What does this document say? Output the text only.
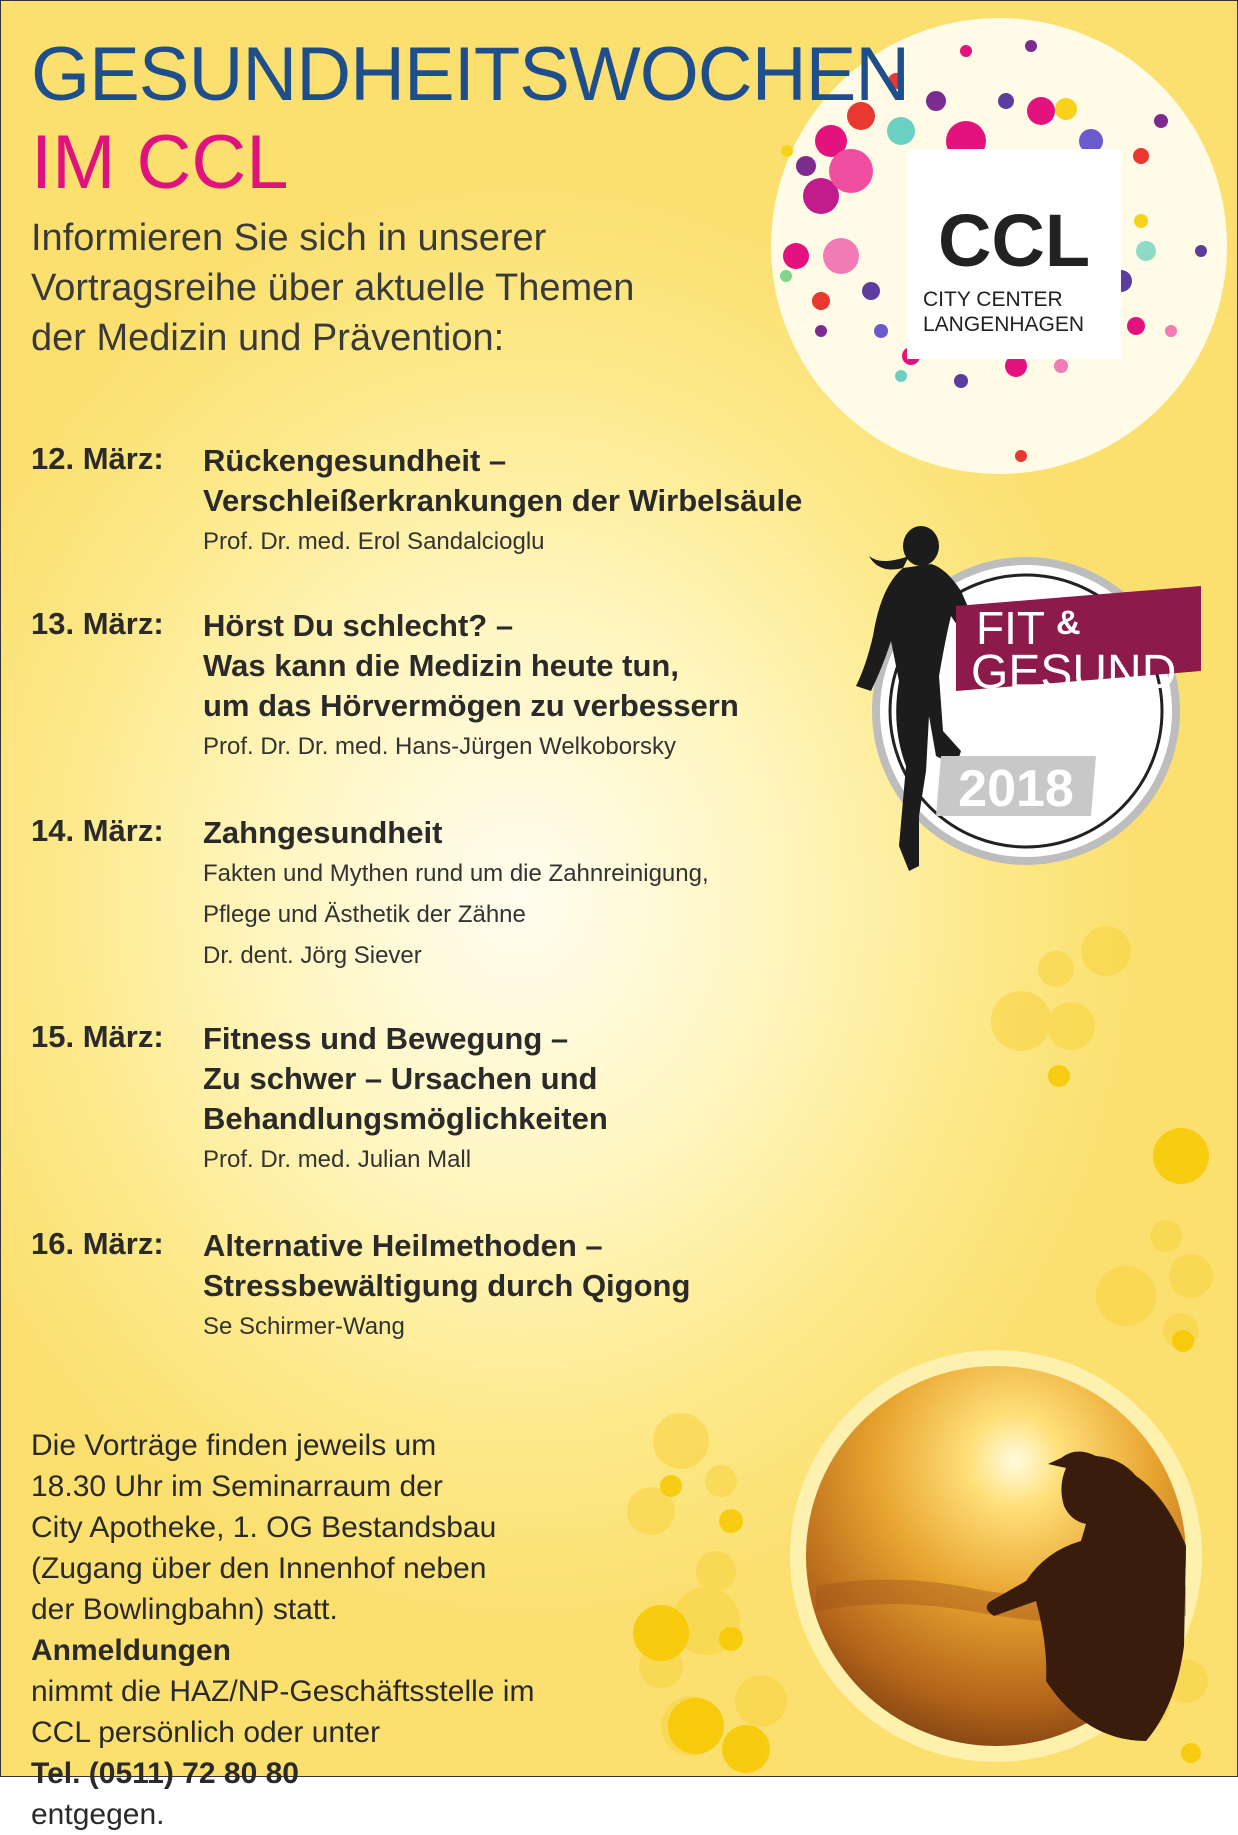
CCL
CITY CENTER
LANGENHAGEN
FIT &
GESUND
2018
GESUNDHEITSWOCHEN
IM CCL
Informieren Sie sich in unserer
Vortragsreihe über aktuelle Themen
der Medizin und Prävention:
12. März: Rückengesundheit –
Verschleißerkrankungen der Wirbelsäule
Prof. Dr. med. Erol Sandalcioglu
13. März: Hörst Du schlecht? –
Was kann die Medizin heute tun,
um das Hörvermögen zu verbessern
Prof. Dr. Dr. med. Hans-Jürgen Welkoborsky
14. März: Zahngesundheit
Fakten und Mythen rund um die Zahnreinigung,
Pflege und Ästhetik der Zähne
Dr. dent. Jörg Siever
15. März: Fitness und Bewegung –
Zu schwer – Ursachen und
Behandlungsmöglichkeiten
Prof. Dr. med. Julian Mall
16. März: Alternative Heilmethoden –
Stressbewältigung durch Qigong
Se Schirmer-Wang
Die Vorträge finden jeweils um
18.30 Uhr im Seminarraum der
City Apotheke, 1. OG Bestandsbau
(Zugang über den Innenhof neben
der Bowlingbahn) statt.
Anmeldungen
nimmt die HAZ/NP-Geschäftsstelle im
CCL persönlich oder unter
Tel. (0511) 72 80 80
entgegen.
